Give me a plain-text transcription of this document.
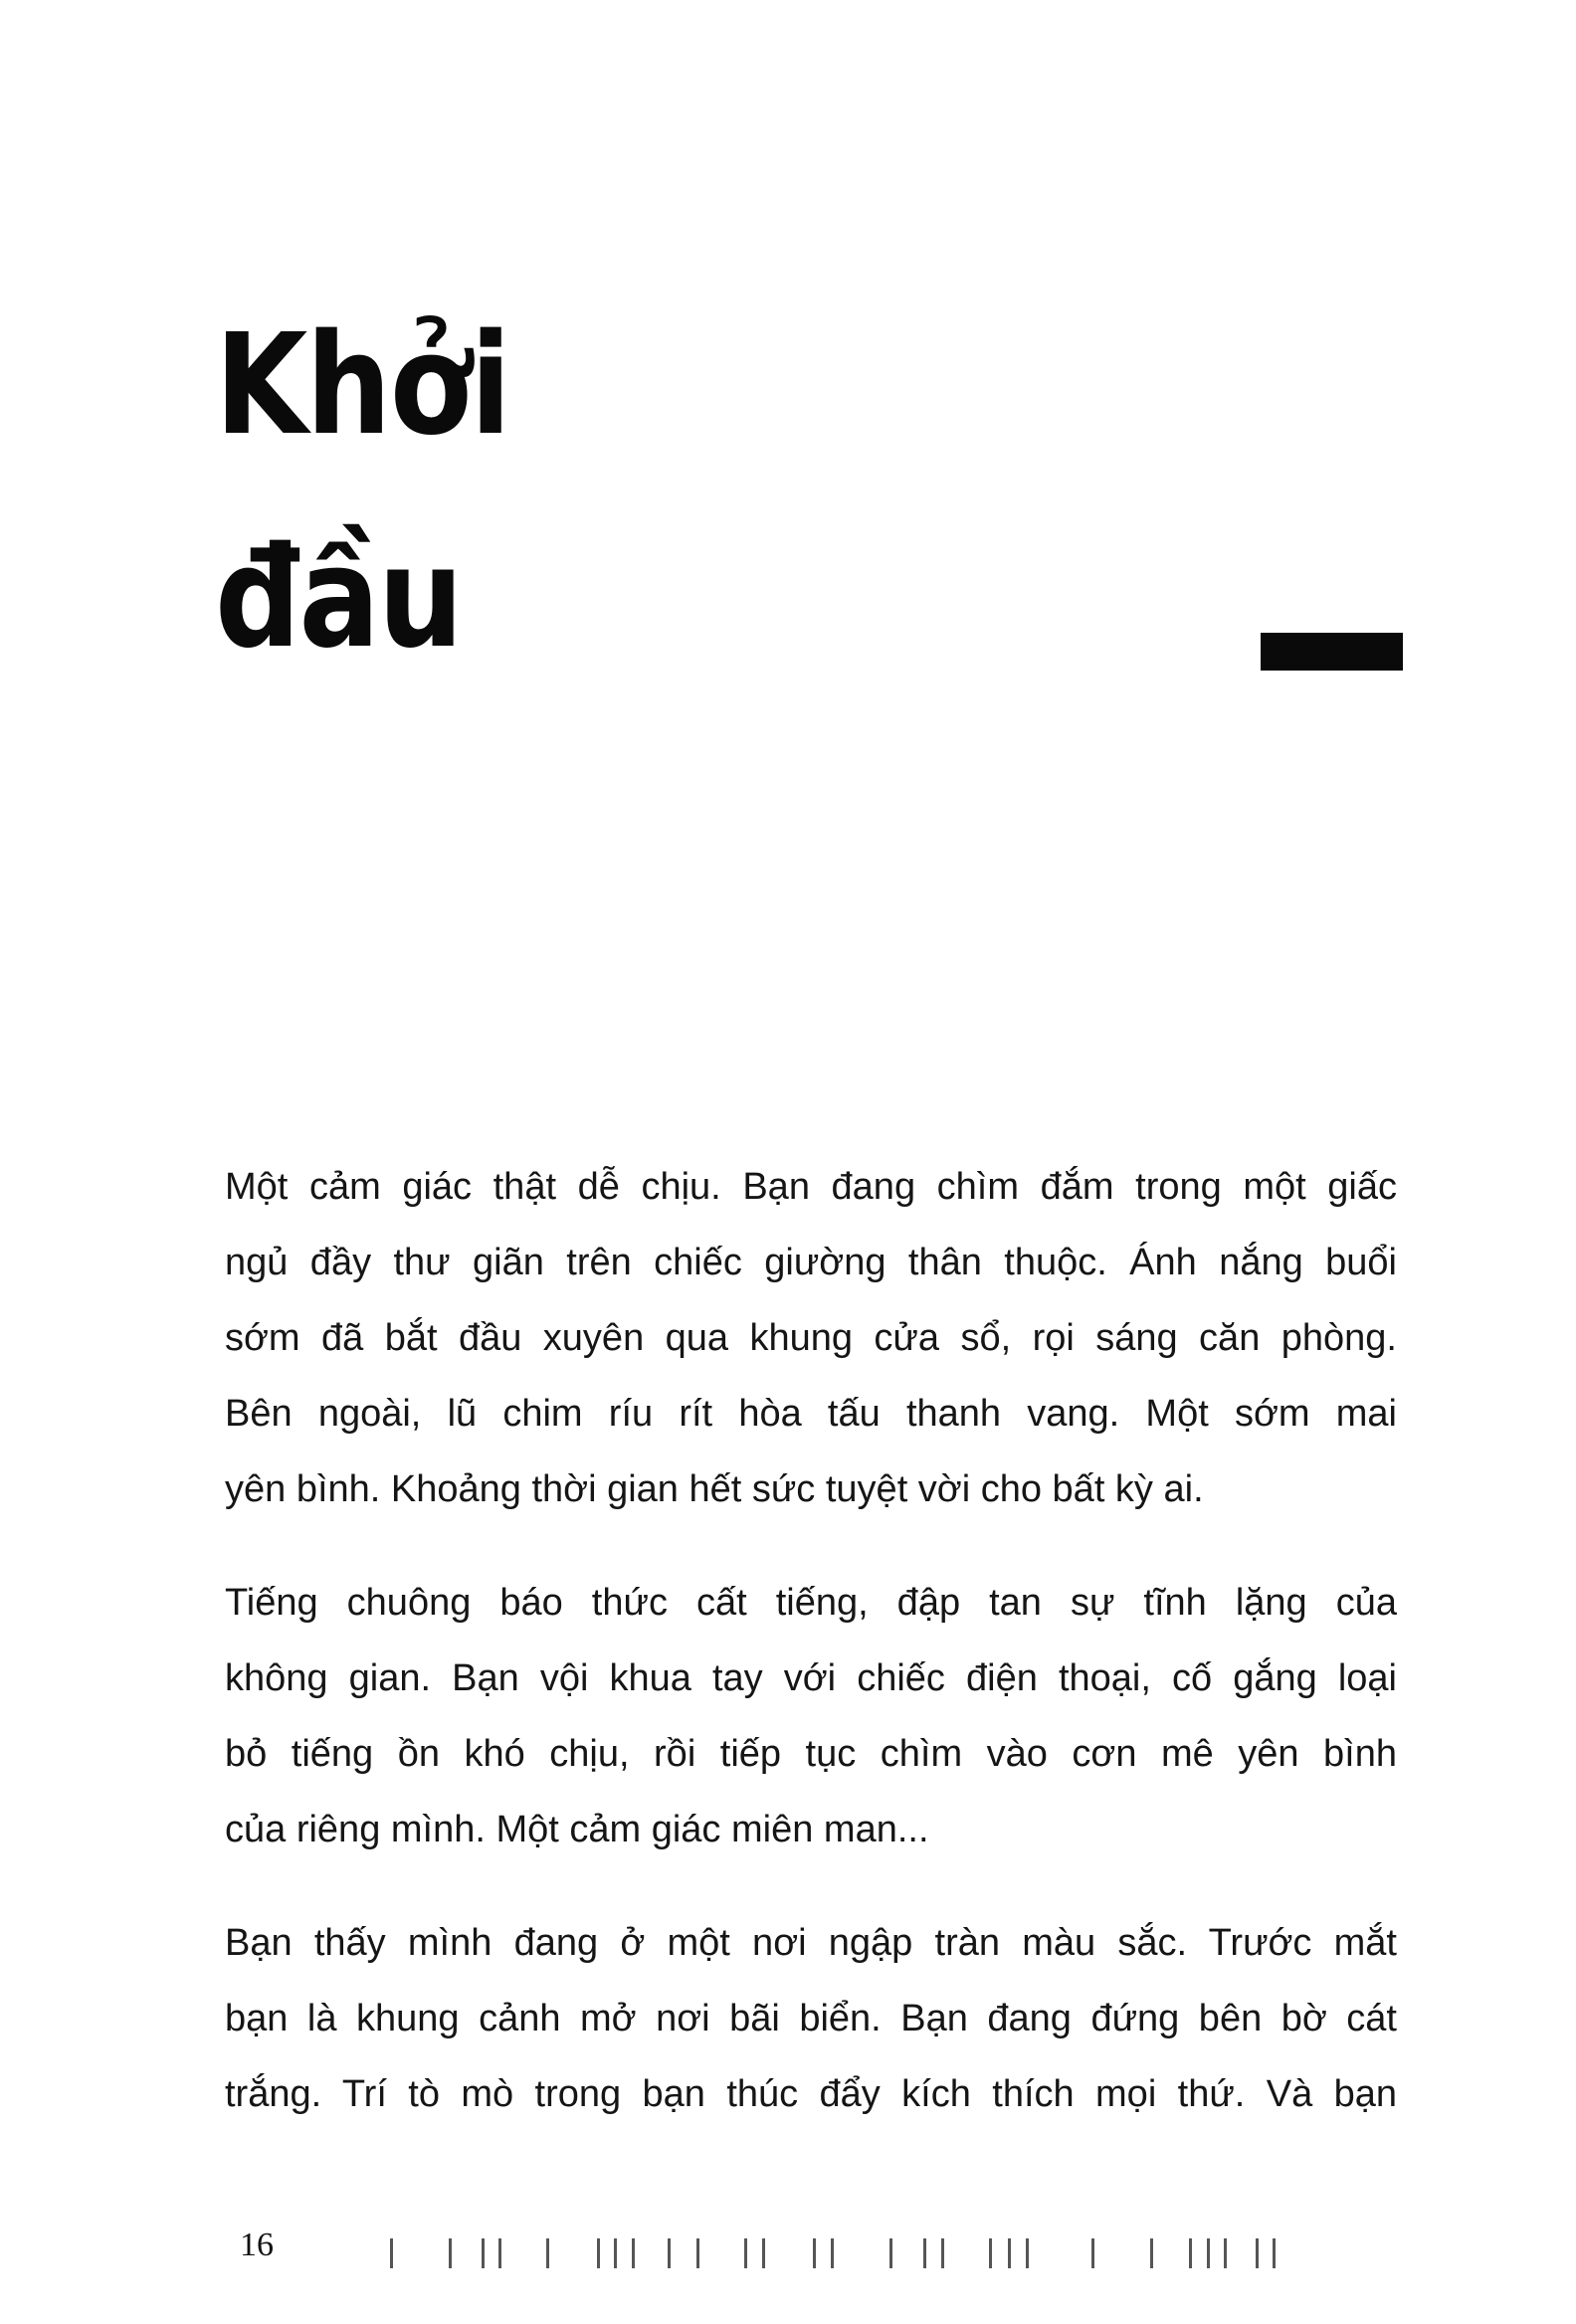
Khởi
đầu
Một cảm giác thật dễ chịu. Bạn đang chìm đắm trong một giấc
ngủ đầy thư giãn trên chiếc giường thân thuộc. Ánh nắng buổi
sớm đã bắt đầu xuyên qua khung cửa sổ, rọi sáng căn phòng.
Bên ngoài, lũ chim ríu rít hòa tấu thanh vang. Một sớm mai
yên bình. Khoảng thời gian hết sức tuyệt vời cho bất kỳ ai.
Tiếng chuông báo thức cất tiếng, đập tan sự tĩnh lặng của
không gian. Bạn vội khua tay với chiếc điện thoại, cố gắng loại
bỏ tiếng ồn khó chịu, rồi tiếp tục chìm vào cơn mê yên bình
của riêng mình. Một cảm giác miên man...
Bạn thấy mình đang ở một nơi ngập tràn màu sắc. Trước mắt
bạn là khung cảnh mở nơi bãi biển. Bạn đang đứng bên bờ cát
trắng. Trí tò mò trong bạn thúc đẩy kích thích mọi thứ. Và bạn
16
